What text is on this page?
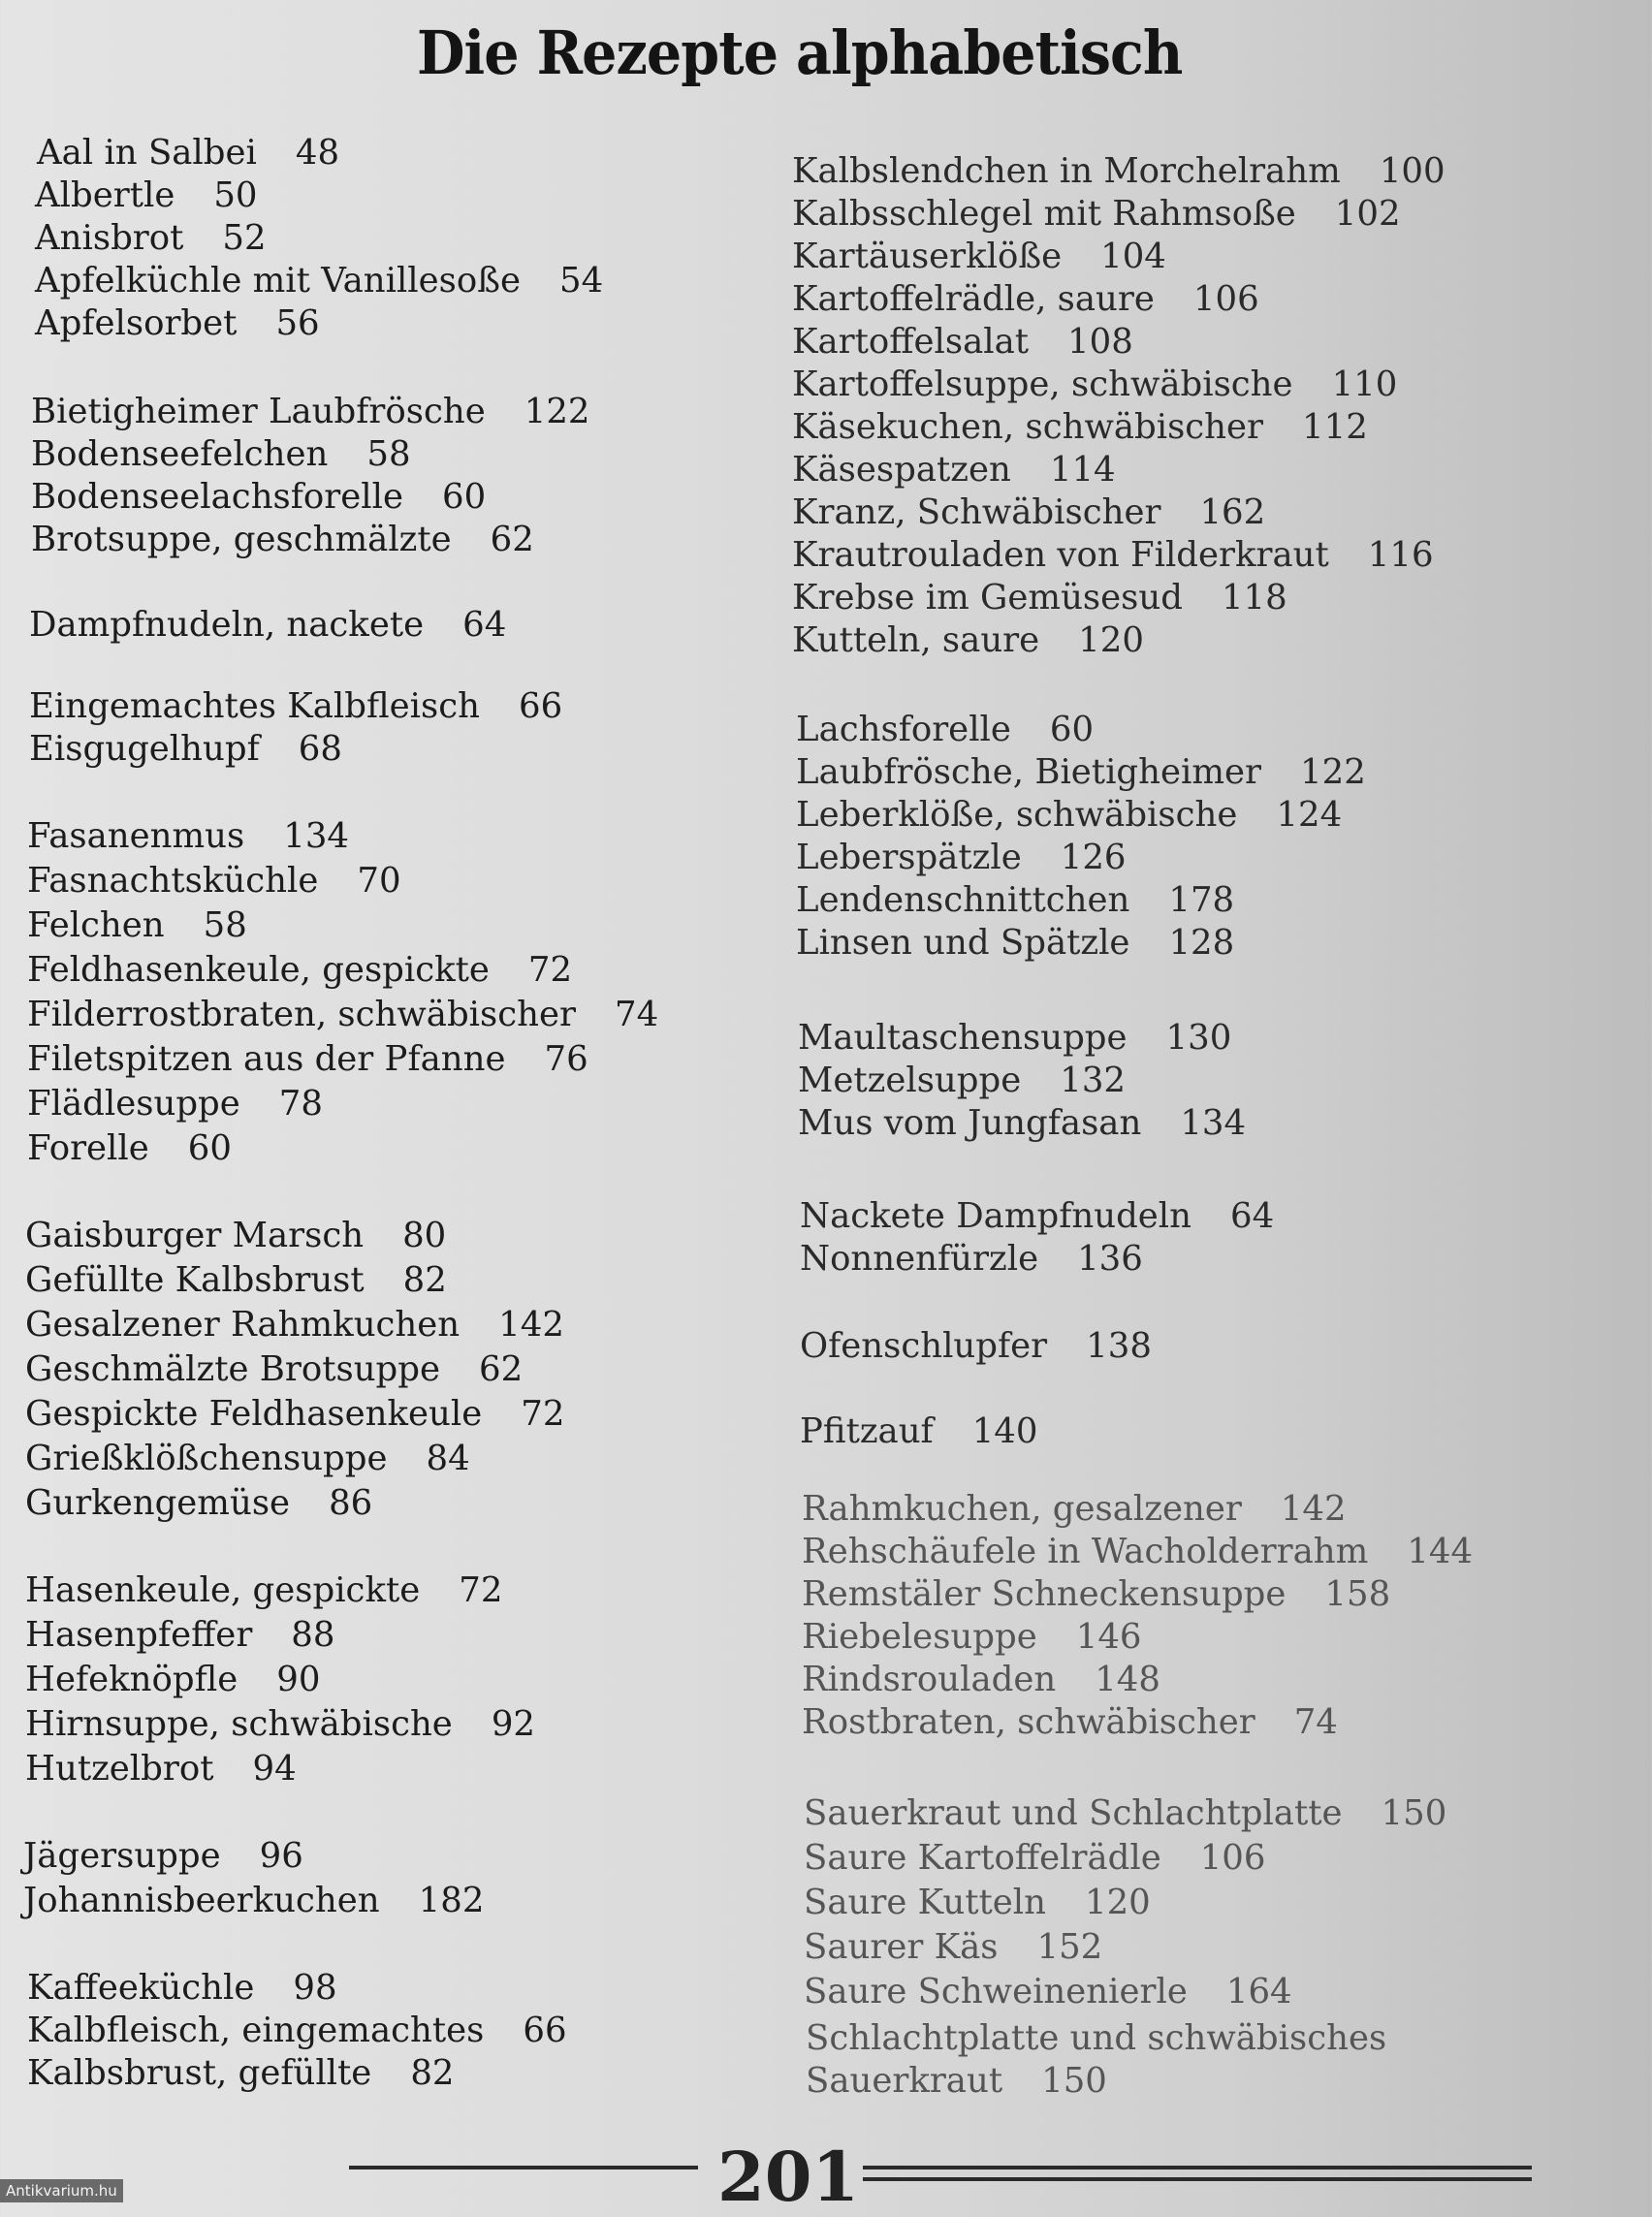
Die Rezepte alphabetisch
Aal in Salbei 48
Albertle 50
Anisbrot 52
Apfelküchle mit Vanillesoße 54
Apfelsorbet 56
Bietigheimer Laubfrösche 122
Bodenseefelchen 58
Bodenseelachsforelle 60
Brotsuppe, geschmälzte 62
Dampfnudeln, nackete 64
Eingemachtes Kalbfleisch 66
Eisgugelhupf 68
Fasanenmus 134
Fasnachtsküchle 70
Felchen 58
Feldhasenkeule, gespickte 72
Filderrostbraten, schwäbischer 74
Filetspitzen aus der Pfanne 76
Flädlesuppe 78
Forelle 60
Gaisburger Marsch 80
Gefüllte Kalbsbrust 82
Gesalzener Rahmkuchen 142
Geschmälzte Brotsuppe 62
Gespickte Feldhasenkeule 72
Grießklößchensuppe 84
Gurkengemüse 86
Hasenkeule, gespickte 72
Hasenpfeffer 88
Hefeknöpfle 90
Hirnsuppe, schwäbische 92
Hutzelbrot 94
Jägersuppe 96
Johannisbeerkuchen 182
Kaffeeküchle 98
Kalbfleisch, eingemachtes 66
Kalbsbrust, gefüllte 82
Kalbslendchen in Morchelrahm 100
Kalbsschlegel mit Rahmsoße 102
Kartäuserklöße 104
Kartoffelrädle, saure 106
Kartoffelsalat 108
Kartoffelsuppe, schwäbische 110
Käsekuchen, schwäbischer 112
Käsespatzen 114
Kranz, Schwäbischer 162
Krautrouladen von Filderkraut 116
Krebse im Gemüsesud 118
Kutteln, saure 120
Lachsforelle 60
Laubfrösche, Bietigheimer 122
Leberklöße, schwäbische 124
Leberspätzle 126
Lendenschnittchen 178
Linsen und Spätzle 128
Maultaschensuppe 130
Metzelsuppe 132
Mus vom Jungfasan 134
Nackete Dampfnudeln 64
Nonnenfürzle 136
Ofenschlupfer 138
Pfitzauf 140
Rahmkuchen, gesalzener 142
Rehschäufele in Wacholderrahm 144
Remstäler Schneckensuppe 158
Riebelesuppe 146
Rindsrouladen 148
Rostbraten, schwäbischer 74
Sauerkraut und Schlachtplatte 150
Saure Kartoffelrädle 106
Saure Kutteln 120
Saurer Käs 152
Saure Schweinenierle 164
Schlachtplatte und schwäbisches
Sauerkraut 150
201
Antikvarium.hu
